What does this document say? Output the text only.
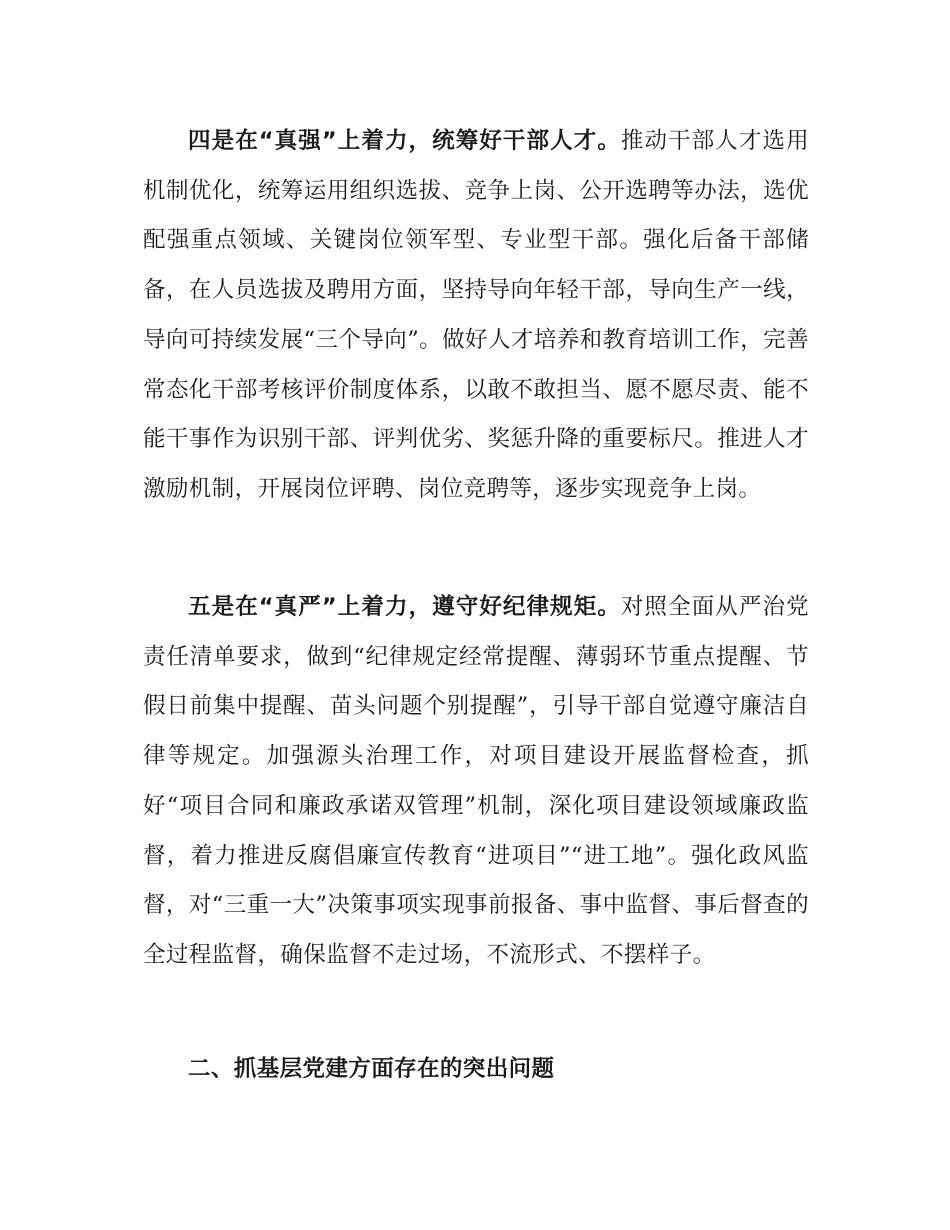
四是在“真强”上着力，统筹好干部人才。推动干部人才选用机制优化，统筹运用组织选拔、竞争上岗、公开选聘等办法，选优配强重点领域、关键岗位领军型、专业型干部。强化后备干部储备，在人员选拔及聘用方面，坚持导向年轻干部，导向生产一线，导向可持续发展“三个导向”。做好人才培养和教育培训工作，完善常态化干部考核评价制度体系，以敢不敢担当、愿不愿尽责、能不能干事作为识别干部、评判优劣、奖惩升降的重要标尺。推进人才激励机制，开展岗位评聘、岗位竞聘等，逐步实现竞争上岗。

五是在“真严”上着力，遵守好纪律规矩。对照全面从严治党责任清单要求，做到“纪律规定经常提醒、薄弱环节重点提醒、节假日前集中提醒、苗头问题个别提醒”，引导干部自觉遵守廉洁自律等规定。加强源头治理工作，对项目建设开展监督检查，抓好“项目合同和廉政承诺双管理”机制，深化项目建设领域廉政监督，着力推进反腐倡廉宣传教育“进项目”“进工地”。强化政风监督，对“三重一大”决策事项实现事前报备、事中监督、事后督查的全过程监督，确保监督不走过场，不流形式、不摆样子。

二、抓基层党建方面存在的突出问题
